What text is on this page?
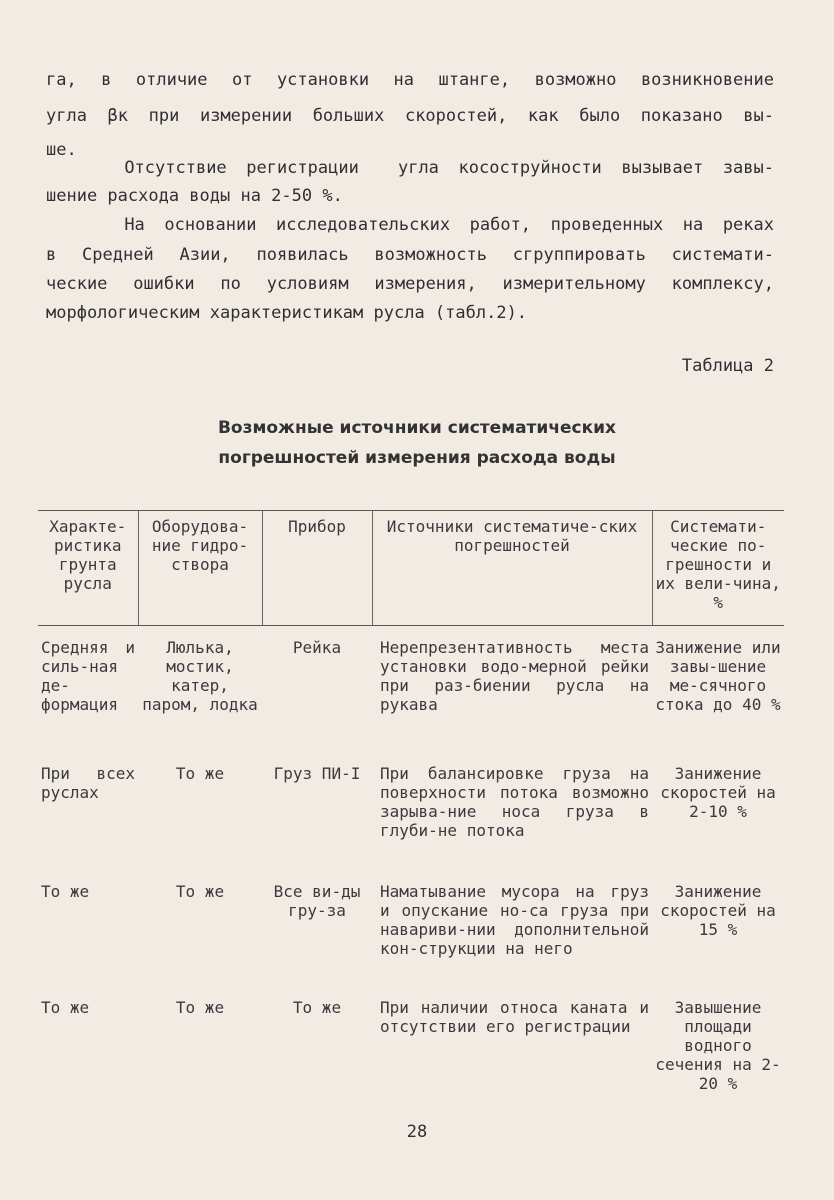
га, в отличие от установки на штанге, возможно возникновение
угла βк при измерении больших скоростей, как было показано вы-
ше.
Отсутствие регистрации  угла косоструйности вызывает завы-
шение расхода воды на 2-50 %.
На основании исследовательских работ, проведенных на реках
в Средней Азии, появилась возможность сгруппировать системати-
ческие ошибки по условиям измерения, измерительному комплексу,
морфологическим характеристикам русла (табл.2).
Таблица 2
Возможные источники систематических
погрешностей измерения расхода воды
Характе-ристика грунта русла	Оборудова-ние гидро-створа	Прибор	Источники систематиче-ских погрешностей	Системати-ческие по-грешности и их вели-чина, %
Средняя и силь-ная де-формация	Люлька, мостик, катер, паром, лодка	Рейка	Нерепрезентативность места установки водо-мерной рейки при раз-биении русла на рукава	Занижение или завы-шение ме-сячного стока до 40 %
При всех руслах	То же	Груз ПИ-I	При балансировке груза на поверхности потока возможно зарыва-ние носа груза в глуби-не потока	Занижение скоростей на 2-10 %
То же	То же	Все ви-ды гру-за	Наматывание мусора на груз и опускание но-са груза при навариви-нии дополнительной кон-струкции на него	Занижение скоростей на 15 %
То же	То же	То же	При наличии относа каната и отсутствии его регистрации	Завышение площади водного сечения на 2-20 %
28
